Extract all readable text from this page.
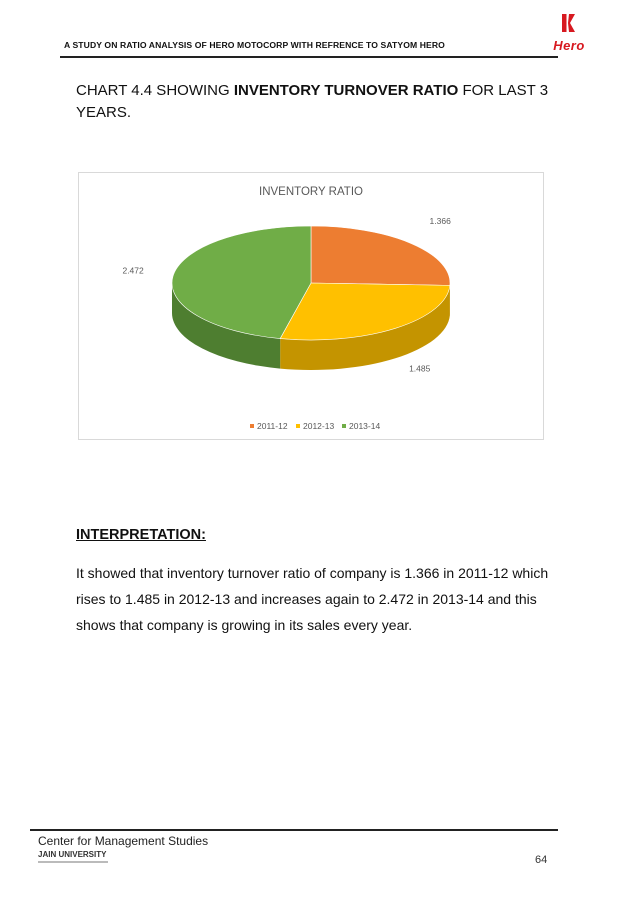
A STUDY ON RATIO ANALYSIS OF HERO MOTOCORP WITH REFRENCE TO SATYOM HERO	Hero
CHART 4.4 SHOWING INVENTORY TURNOVER RATIO FOR LAST 3 YEARS.
INVENTORY RATIO
1.366
1.485
2.472
2011-12 2012-13 2013-14
INTERPRETATION:
It showed that inventory turnover ratio of company is 1.366 in 2011-12 which rises to 1.485 in 2012-13 and increases again to 2.472 in 2013-14 and this shows that company is growing in its sales every year.
Center for Management Studies
JAIN UNIVERSITY	64
